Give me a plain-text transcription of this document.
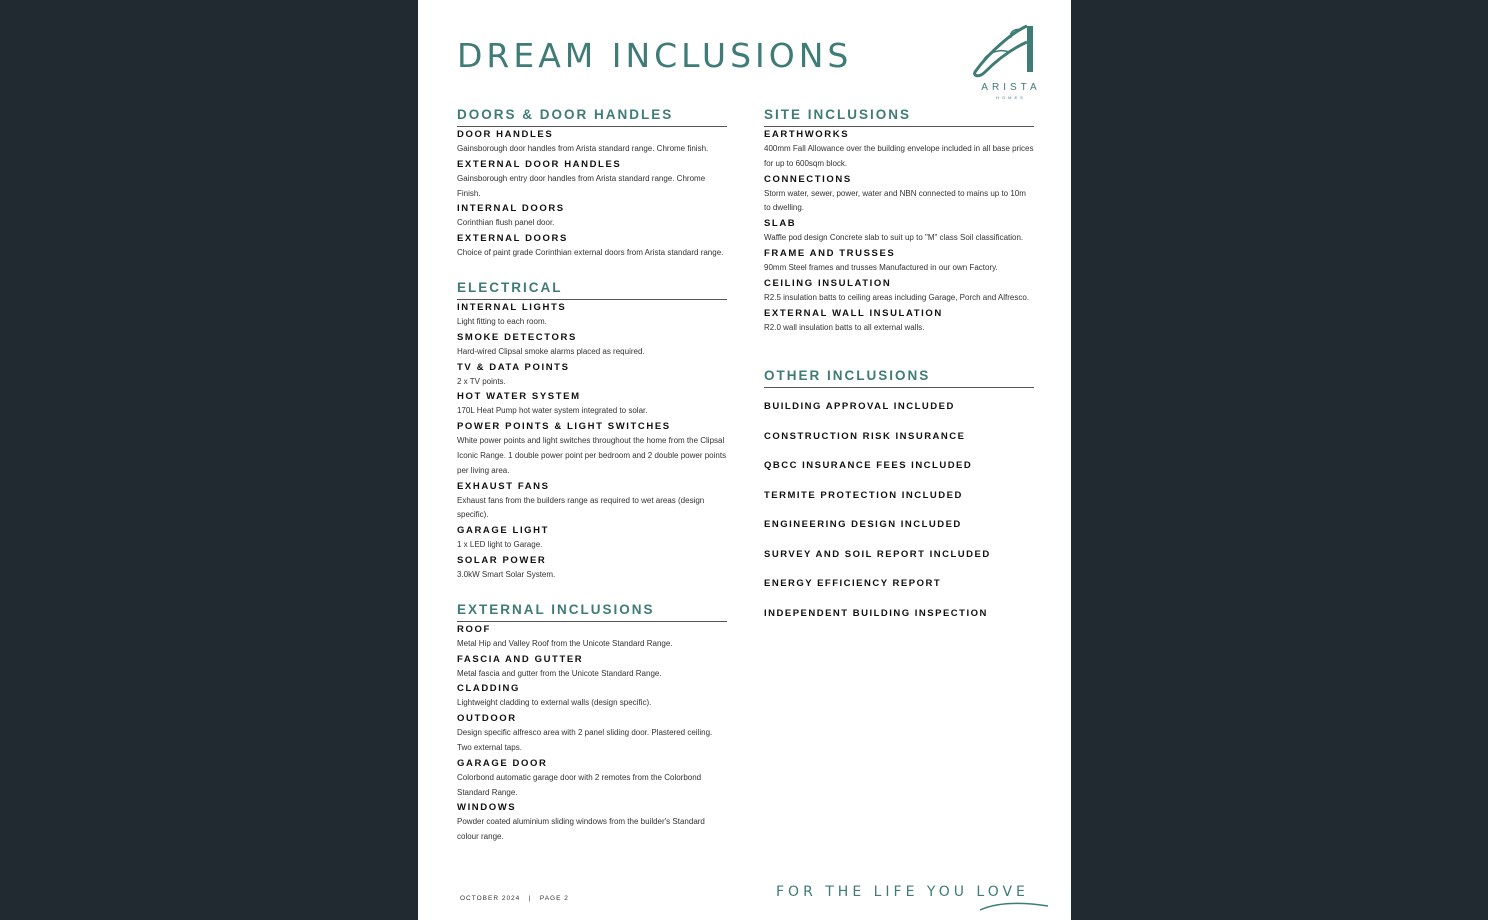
DREAM INCLUSIONS
ARISTA
HOMES
DOORS & DOOR HANDLES
DOOR HANDLES

Gainsborough door handles from Arista standard range. Chrome finish.

EXTERNAL DOOR HANDLES

Gainsborough entry door handles from Arista standard range. Chrome Finish.

INTERNAL DOORS

Corinthian flush panel door.

EXTERNAL DOORS

Choice of paint grade Corinthian external doors from Arista standard range.

ELECTRICAL
INTERNAL LIGHTS

Light fitting to each room.

SMOKE DETECTORS

Hard-wired Clipsal smoke alarms placed as required.

TV & DATA POINTS

2 x TV points.

HOT WATER SYSTEM

170L Heat Pump hot water system integrated to solar.

POWER POINTS & LIGHT SWITCHES

White power points and light switches throughout the home from the Clipsal Iconic Range. 1 double power point per bedroom and 2 double power points per living area.

EXHAUST FANS

Exhaust fans from the builders range as required to wet areas (design specific).

GARAGE LIGHT

1 x LED light to Garage.

SOLAR POWER

3.0kW Smart Solar System.

EXTERNAL INCLUSIONS
ROOF

Metal Hip and Valley Roof from the Unicote Standard Range.

FASCIA AND GUTTER

Metal fascia and gutter from the Unicote Standard Range.

CLADDING

Lightweight cladding to external walls (design specific).

OUTDOOR

Design specific alfresco area with 2 panel sliding door. Plastered ceiling. Two external taps.

GARAGE DOOR

Colorbond automatic garage door with 2 remotes from the Colorbond Standard Range.

WINDOWS

Powder coated aluminium sliding windows from the builder's Standard colour range.

SITE INCLUSIONS
EARTHWORKS

400mm Fall Allowance over the building envelope included in all base prices for up to 600sqm block.

CONNECTIONS

Storm water, sewer, power, water and NBN connected to mains up to 10m to dwelling.

SLAB

Waffle pod design Concrete slab to suit up to "M" class Soil classification.

FRAME AND TRUSSES

90mm Steel frames and trusses Manufactured in our own Factory.

CEILING INSULATION

R2.5 insulation batts to ceiling areas including Garage, Porch and Alfresco.

EXTERNAL WALL INSULATION

R2.0 wall insulation batts to all external walls.

OTHER INCLUSIONS
BUILDING APPROVAL INCLUDED
CONSTRUCTION RISK INSURANCE
QBCC INSURANCE FEES INCLUDED
TERMITE PROTECTION INCLUDED
ENGINEERING DESIGN INCLUDED
SURVEY AND SOIL REPORT INCLUDED
ENERGY EFFICIENCY REPORT
INDEPENDENT BUILDING INSPECTION
OCTOBER 2024 | PAGE 2	FOR THE LIFE YOU LOVE
